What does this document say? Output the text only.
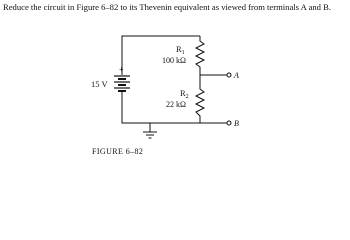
Reduce the circuit in Figure 6–82 to its Thevenin equivalent as viewed from terminals A and B.
+
15 V
$R_1$
100 kΩ
$R_2$
22 kΩ
A
B
FIGURE 6–82
